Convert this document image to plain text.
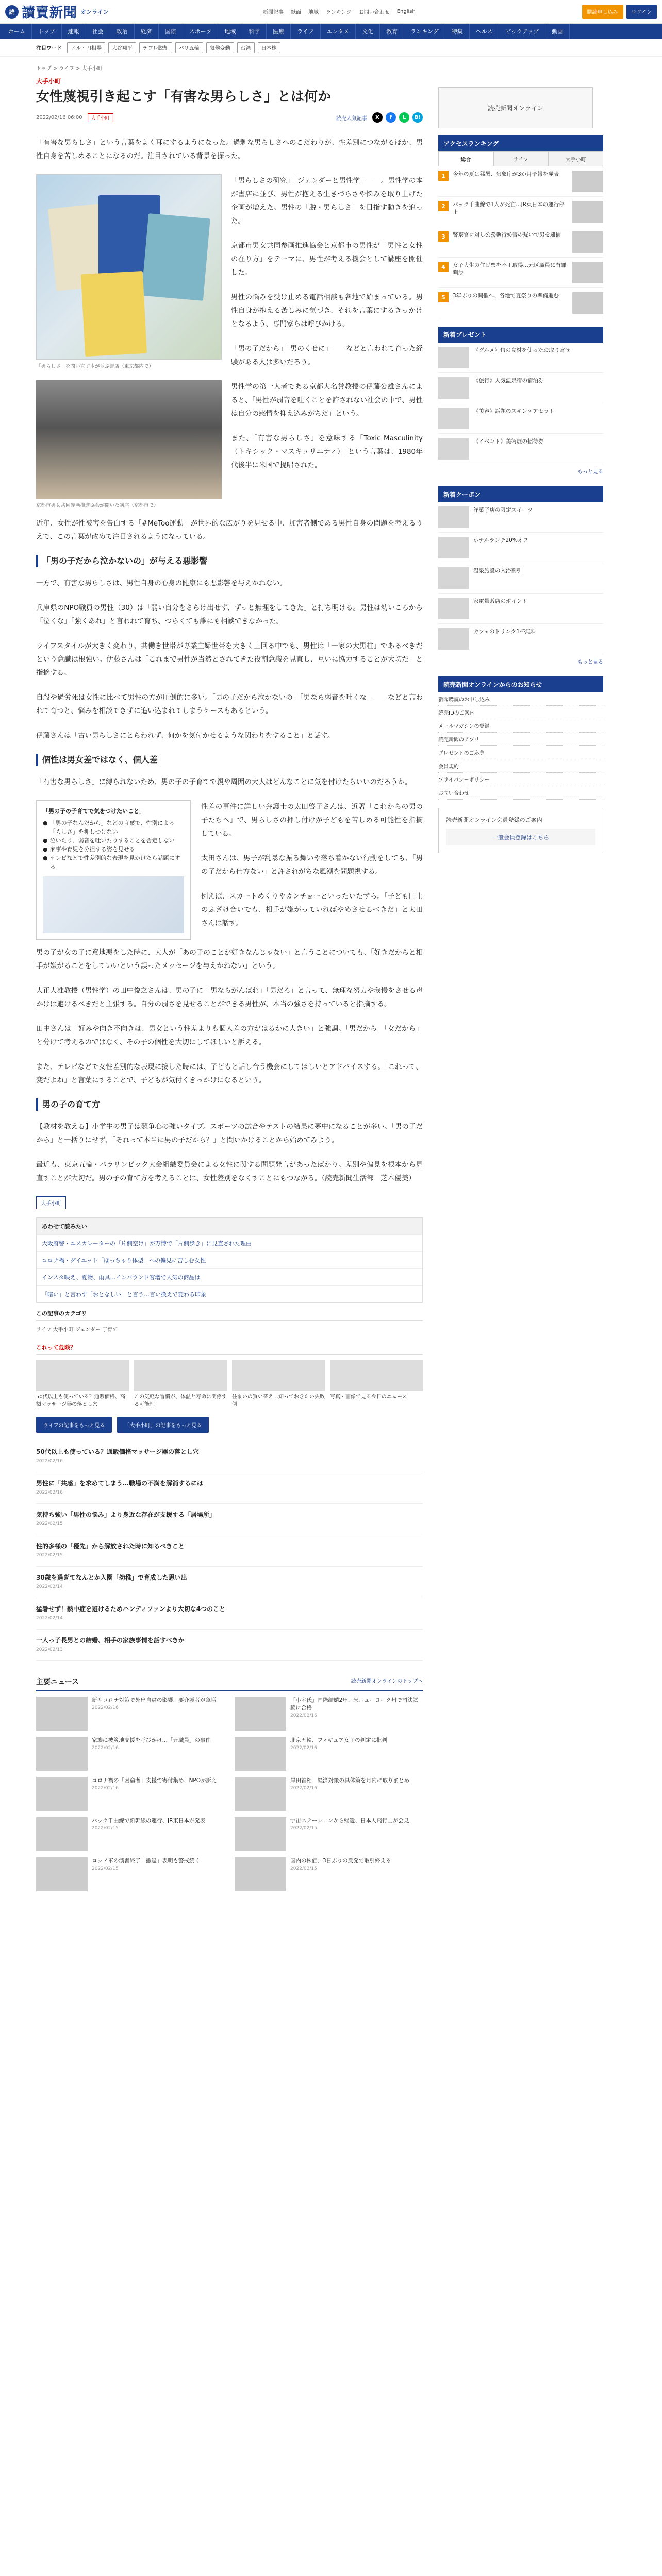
読 讀賣新聞 オンライン	新聞記事 紙面 地域 ランキング お問い合わせ English	購読申し込み	ログイン
ホーム	トップ	速報	社会	政治	経済	国際	スポーツ	地域	科学	医療	ライフ	エンタメ	文化	教育	ランキング	特集	ヘルス	ピックアップ	動画
注目ワード	ドル・円相場	大谷翔平	デフレ脱却	パリ五輪	気候変動	台湾	日本株
トップ > ライフ > 大手小町
大手小町
女性蔑視引き起こす「有害な男らしさ」とは何か
2022/02/16 06:00	大手小町	読売人気記事	X	f	L	B!

「有害な男らしさ」という言葉をよく耳にするようになった。過剰な男らしさへのこだわりが、性差別につながるほか、男性自身を苦しめることになるのだ。注目されている背景を探った。

「男らしさ」を問い直す本が並ぶ書店（東京都内で）

「男らしさの研究」「ジェンダーと男性学」――。男性学の本が書店に並び、男性が抱える生きづらさや悩みを取り上げた企画が増えた。男性の「脱・男らしさ」を目指す動きを追った。

京都市男女共同参画推進協会と京都市の男性が「男性と女性の在り方」をテーマに、男性が考える機会として講座を開催した。

男性の悩みを受け止める電話相談も各地で始まっている。男性自身が抱える苦しみに気づき、それを言葉にするきっかけとなるよう、専門家らは呼びかける。

「男の子だから」「男のくせに」――などと言われて育った経験がある人は多いだろう。

京都市男女共同参画推進協会が開いた講座（京都市で）

男性学の第一人者である京都大名誉教授の伊藤公雄さんによると、「男性が弱音を吐くことを許されない社会の中で、男性は自分の感情を抑え込みがちだ」という。

また、「有害な男らしさ」を意味する「Toxic Masculinity（トキシック・マスキュリニティ）」という言葉は、1980年代後半に米国で提唱された。

近年、女性が性被害を告白する「#MeToo運動」が世界的な広がりを見せる中、加害者側である男性自身の問題を考えるうえで、この言葉が改めて注目されるようになっている。

「男の子だから泣かないの」が与える悪影響

一方で、有害な男らしさは、男性自身の心身の健康にも悪影響を与えかねない。

兵庫県のNPO職員の男性（30）は「弱い自分をさらけ出せず、ずっと無理をしてきた」と打ち明ける。男性は幼いころから「泣くな」「強くあれ」と言われて育ち、つらくても誰にも相談できなかった。

ライフスタイルが大きく変わり、共働き世帯が専業主婦世帯を大きく上回る中でも、男性は「一家の大黒柱」であるべきだという意識は根強い。伊藤さんは「これまで男性が当然とされてきた役割意識を見直し、互いに協力することが大切だ」と指摘する。

自殺や過労死は女性に比べて男性の方が圧倒的に多い。「男の子だから泣かないの」「男なら弱音を吐くな」――などと言われて育つと、悩みを相談できずに追い込まれてしまうケースもあるという。

伊藤さんは「古い男らしさにとらわれず、何かを気付かせるような関わりをすること」と話す。

個性は男女差ではなく、個人差

「有害な男らしさ」に縛られないため、男の子の子育てで親や周囲の大人はどんなことに気を付けたらいいのだろうか。

「男の子の子育てで気をつけたいこと」
● 「男の子なんだから」などの言葉で、性別による「らしさ」を押しつけない
● 泣いたり、弱音を吐いたりすることを否定しない
● 家事や育児を分担する姿を見せる
● テレビなどで性差別的な表現を見かけたら話題にする

性差の事件に詳しい弁護士の太田啓子さんは、近著「これからの男の子たちへ」で、男らしさの押し付けが子どもを苦しめる可能性を指摘している。

太田さんは、男子が乱暴な振る舞いや落ち着かない行動をしても、「男の子だから仕方ない」と許されがちな風潮を問題視する。

例えば、スカートめくりやカンチョーといったいたずら。「子ども同士のふざけ合いでも、相手が嫌がっていればやめさせるべきだ」と太田さんは話す。

男の子が女の子に意地悪をした時に、大人が「あの子のことが好きなんじゃない」と言うことについても、「好きだからと相手が嫌がることをしていいという誤ったメッセージを与えかねない」という。

大正大准教授（男性学）の田中俊之さんは、男の子に「男ならがんばれ」「男だろ」と言って、無理な努力や我慢をさせる声かけは避けるべきだと主張する。自分の弱さを見せることができる男性が、本当の強さを持っていると指摘する。

田中さんは「好みや向き不向きは、男女という性差よりも個人差の方がはるかに大きい」と強調。「男だから」「女だから」と分けて考えるのではなく、その子の個性を大切にしてほしいと訴える。

また、テレビなどで女性差別的な表現に接した時には、子どもと話し合う機会にしてほしいとアドバイスする。「これって、変だよね」と言葉にすることで、子どもが気付くきっかけになるという。

男の子の育て方

【教材を教える】小学生の男子は競争心の強いタイプ。スポーツの試合やテストの結果に夢中になることが多い。「男の子だから」と一括りにせず、「それって本当に男の子だから？」と問いかけることから始めてみよう。

最近も、東京五輪・パラリンピック大会組織委員会による女性に関する問題発言があったばかり。差別や偏見を根本から見直すことが大切だ。男の子の育て方を考えることは、女性差別をなくすことにもつながる。（読売新聞生活部　芝本優美）

大手小町
あわせて読みたい
大阪府警・エスカレーターの「片側空け」が万博で「片側歩き」に見直された理由
コロナ禍・ダイエット「ぽっちゃり体型」への偏見に苦しむ女性
インスタ映え、夏物、雨具…インバウンド客増で人気の商品は
「暗い」と言わず「おとなしい」と言う…言い換えで変わる印象
この記事のカテゴリ
ライフ 大手小町 ジェンダー 子育て
これって危険？
50代以上も使っている？通販価格、高額マッサージ器の落とし穴
この気軽な習慣が、体温と寿命に関係する可能性
住まいの買い替え…知っておきたい失敗例
写真・画像で見る今日のニュース
ライフの記事をもっと見る	「大手小町」の記事をもっと見る
50代以上も使っている？通販価格マッサージ器の落とし穴
2022/02/16
男性に「共感」を求めてしまう…職場の不満を解消するには
2022/02/16
気持ち強い「男性の悩み」より身近な存在が支援する「居場所」
2022/02/15
性的多様の「優先」から解放された時に知るべきこと
2022/02/15
30歳を過ぎてなんとか入園「幼稚」で育成した思い出
2022/02/14
猛暑せず！熱中症を避けるためハンディファンより大切な4つのこと
2022/02/14
一人っ子長男との結婚、相手の家族事情を話すべきか
2022/02/13
主要ニュース	読売新聞オンラインのトップへ
新型コロナ対策で外出自粛の影響、要介護者が急増
2022/02/16
「小室氏」国際結婚2年、米ニューヨーク州で司法試験に合格
2022/02/16
家族に被災地支援を呼びかけ…「元職員」の事件
2022/02/16
北京五輪、フィギュア女子の判定に批判
2022/02/16
コロナ禍の「困窮者」支援で寄付集め、NPOが訴え
2022/02/16
岸田首相、経済対策の具体策を月内に取りまとめ
2022/02/16
バック千曲線で新幹線の運行、JR東日本が発表
2022/02/15
宇宙ステーションから帰還、日本人飛行士が会見
2022/02/15
ロシア軍の演習終了「撤退」表明も警戒続く
2022/02/15
国内の株価、3日ぶりの反発で取引終える
2022/02/15
読売新聞オンライン
アクセスランキング
総合	ライフ	大手小町
1	今年の夏は猛暑、気象庁が3か月予報を発表
2	バック千曲線で1人が死亡…JR東日本の運行停止
3	警察官に対し公務執行妨害の疑いで男を逮捕
4	女子大生の住民票を不正取得…元区職員に有罪判決
5	3年ぶりの開催へ、各地で夏祭りの準備進む
新着プレゼント
《グルメ》旬の食材を使ったお取り寄せ
《旅行》人気温泉宿の宿泊券
《美容》話題のスキンケアセット
《イベント》美術展の招待券
もっと見る
新着クーポン
洋菓子店の限定スイーツ
ホテルランチ20%オフ
温泉施設の入浴割引
家電量販店のポイント
カフェのドリンク1杯無料
もっと見る
読売新聞オンラインからのお知らせ
新聞購読のお申し込み
読売IDのご案内
メールマガジンの登録
読売新聞のアプリ
プレゼントのご応募
会員規約
プライバシーポリシー
お問い合わせ
読売新聞オンライン会員登録のご案内
一般会員登録はこちら
